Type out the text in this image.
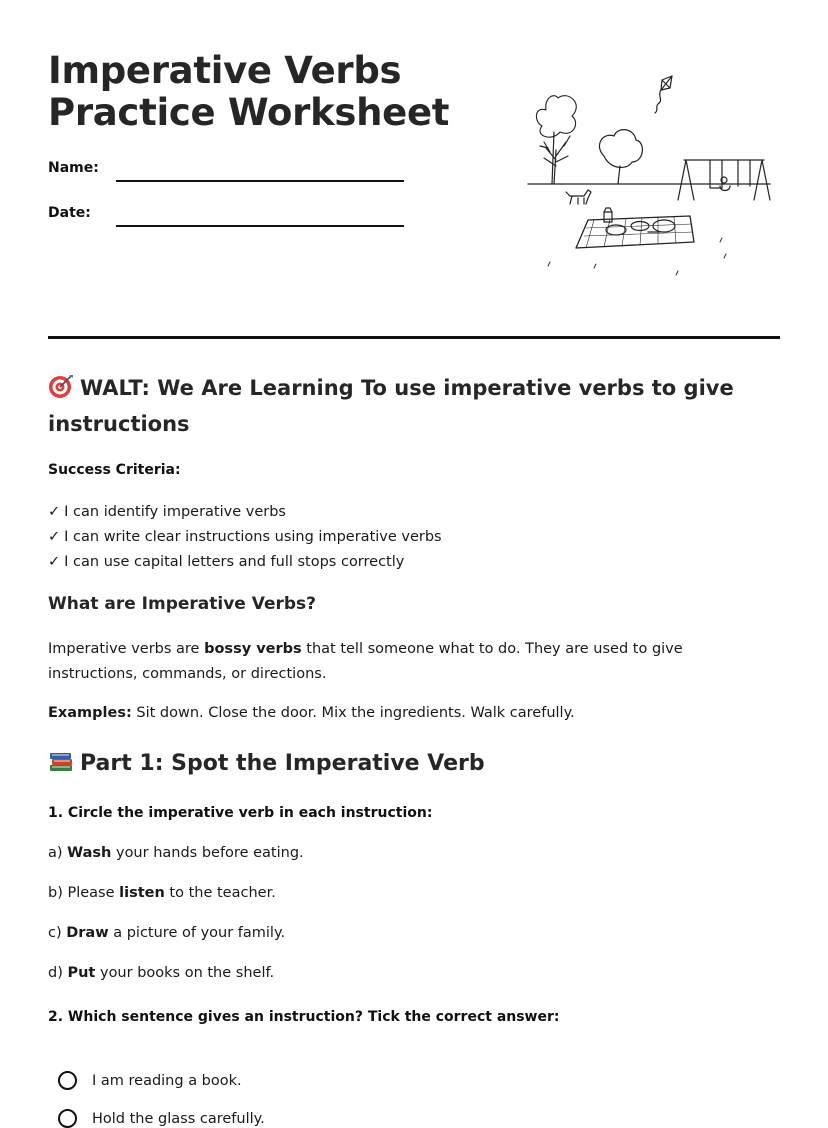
Imperative Verbs
Practice Worksheet
Name:
Date:
WALT: We Are Learning To use imperative verbs to give instructions
Success Criteria:
✓ I can identify imperative verbs
✓ I can write clear instructions using imperative verbs
✓ I can use capital letters and full stops correctly
What are Imperative Verbs?

Imperative verbs are bossy verbs that tell someone what to do. They are used to give instructions, commands, or directions.

Examples: Sit down. Close the door. Mix the ingredients. Walk carefully.

Part 1: Spot the Imperative Verb
1. Circle the imperative verb in each instruction:
a) Wash your hands before eating.
b) Please listen to the teacher.
c) Draw a picture of your family.
d) Put your books on the shelf.
2. Which sentence gives an instruction? Tick the correct answer:
I am reading a book.
Hold the glass carefully.
